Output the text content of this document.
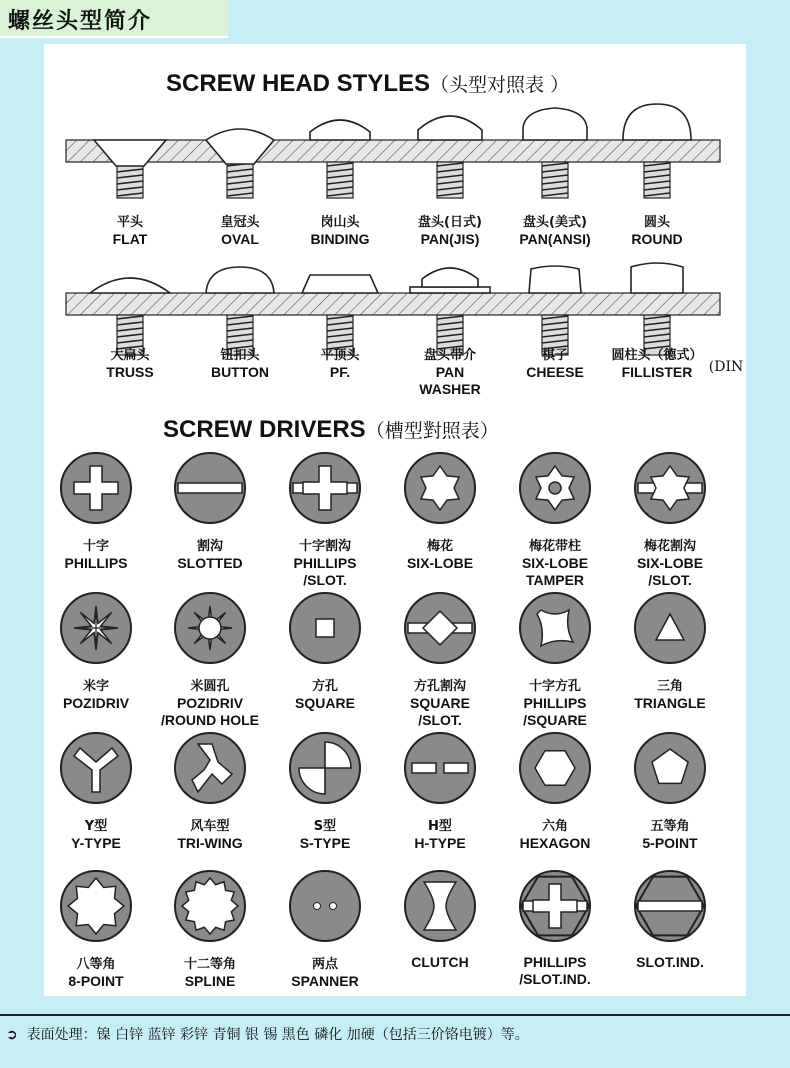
螺丝头型简介
SCREW HEAD STYLES（头型对照表 ）
SCREW DRIVERS（槽型對照表）
平头
FLAT
皇冠头
OVAL
岗山头
BINDING
盘头(日式)
PAN(JIS)
盘头(美式)
PAN(ANSI)
圆头
ROUND
大扁头
TRUSS
钮扣头
BUTTON
平顶头
PF.
盘头带介
PAN
WASHER
棋子
CHEESE
圆柱头（德式）
FILLISTER	(DIN
十字
PHILLIPS
割沟
SLOTTED
十字割沟
PHILLIPS
/SLOT.
梅花
SIX-LOBE
梅花带柱
SIX-LOBE
TAMPER
梅花割沟
SIX-LOBE
/SLOT.
米字
POZIDRIV
米圆孔
POZIDRIV
/ROUND HOLE
方孔
SQUARE
方孔割沟
SQUARE
/SLOT.
十字方孔
PHILLIPS
/SQUARE
三角
TRIANGLE
Y型
Y-TYPE
风车型
TRI-WING
S型
S-TYPE
H型
H-TYPE
六角
HEXAGON
五等角
5-POINT
八等角
8-POINT
十二等角
SPLINE
两点
SPANNER
CLUTCH	PHILLIPS
/SLOT.IND.
SLOT.IND.
➲ 表面处理：镍 白锌 蓝锌 彩锌 青铜 银 锡 黑色 磷化 加硬（包括三价铬电镀）等。
